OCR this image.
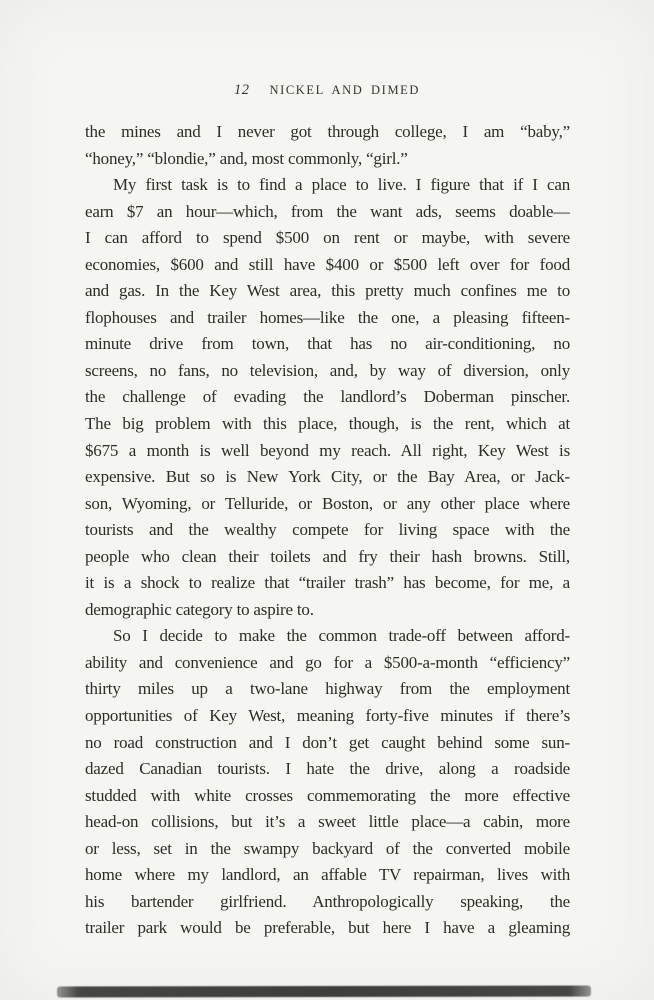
12 NICKEL AND DIMED
the mines and I never got through college, I am “baby,”
“honey,” “blondie,” and, most commonly, “girl.”
My first task is to find a place to live. I figure that if I can
earn $7 an hour—which, from the want ads, seems doable—
I can afford to spend $500 on rent or maybe, with severe
economies, $600 and still have $400 or $500 left over for food
and gas. In the Key West area, this pretty much confines me to
flophouses and trailer homes—like the one, a pleasing fifteen-
minute drive from town, that has no air-conditioning, no
screens, no fans, no television, and, by way of diversion, only
the challenge of evading the landlord’s Doberman pinscher.
The big problem with this place, though, is the rent, which at
$675 a month is well beyond my reach. All right, Key West is
expensive. But so is New York City, or the Bay Area, or Jack-
son, Wyoming, or Telluride, or Boston, or any other place where
tourists and the wealthy compete for living space with the
people who clean their toilets and fry their hash browns. Still,
it is a shock to realize that “trailer trash” has become, for me, a
demographic category to aspire to.
So I decide to make the common trade-off between afford-
ability and convenience and go for a $500-a-month “efficiency”
thirty miles up a two-lane highway from the employment
opportunities of Key West, meaning forty-five minutes if there’s
no road construction and I don’t get caught behind some sun-
dazed Canadian tourists. I hate the drive, along a roadside
studded with white crosses commemorating the more effective
head-on collisions, but it’s a sweet little place—a cabin, more
or less, set in the swampy backyard of the converted mobile
home where my landlord, an affable TV repairman, lives with
his bartender girlfriend. Anthropologically speaking, the
trailer park would be preferable, but here I have a gleaming
